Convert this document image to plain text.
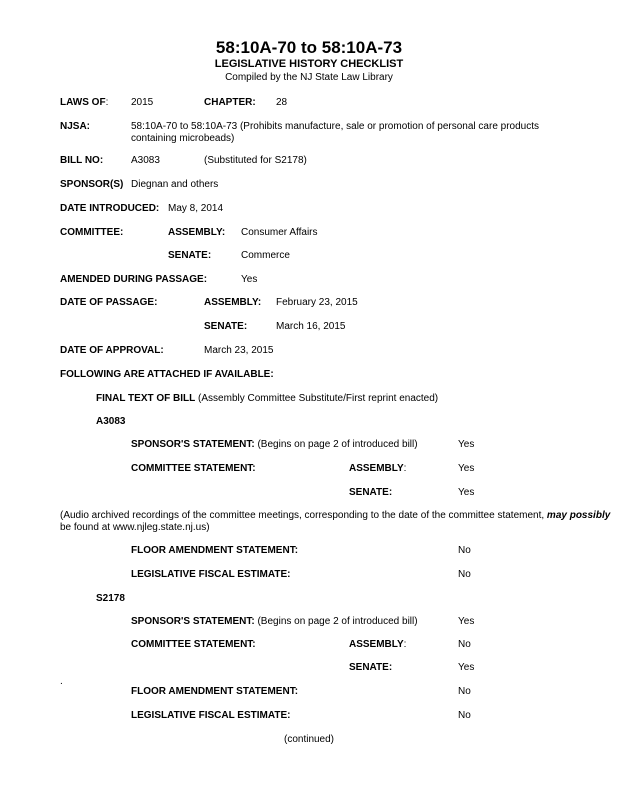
58:10A-70 to 58:10A-73
LEGISLATIVE HISTORY CHECKLIST
Compiled by the NJ State Law Library
LAWS OF: 2015	CHAPTER: 28
NJSA:	58:10A-70 to 58:10A-73 (Prohibits manufacture, sale or promotion of personal care products containing microbeads)
BILL NO:	A3083	(Substituted for S2178)
SPONSOR(S) Diegnan and others
DATE INTRODUCED: May 8, 2014
COMMITTEE:	ASSEMBLY: Consumer Affairs
SENATE:	Commerce
AMENDED DURING PASSAGE:	Yes
DATE OF PASSAGE:	ASSEMBLY: February 23, 2015
SENATE:	March 16, 2015
DATE OF APPROVAL:	March 23, 2015
FOLLOWING ARE ATTACHED IF AVAILABLE:
FINAL TEXT OF BILL (Assembly Committee Substitute/First reprint enacted)
A3083
SPONSOR'S STATEMENT: (Begins on page 2 of introduced bill)	Yes
COMMITTEE STATEMENT:	ASSEMBLY:	Yes
SENATE:	Yes
(Audio archived recordings of the committee meetings, corresponding to the date of the committee statement, may possibly
be found at www.njleg.state.nj.us)
FLOOR AMENDMENT STATEMENT:	No
LEGISLATIVE FISCAL ESTIMATE:	No
S2178
SPONSOR'S STATEMENT: (Begins on page 2 of introduced bill)	Yes
COMMITTEE STATEMENT:	ASSEMBLY:	No
SENATE:	Yes
.
FLOOR AMENDMENT STATEMENT:	No
LEGISLATIVE FISCAL ESTIMATE:	No
(continued)
